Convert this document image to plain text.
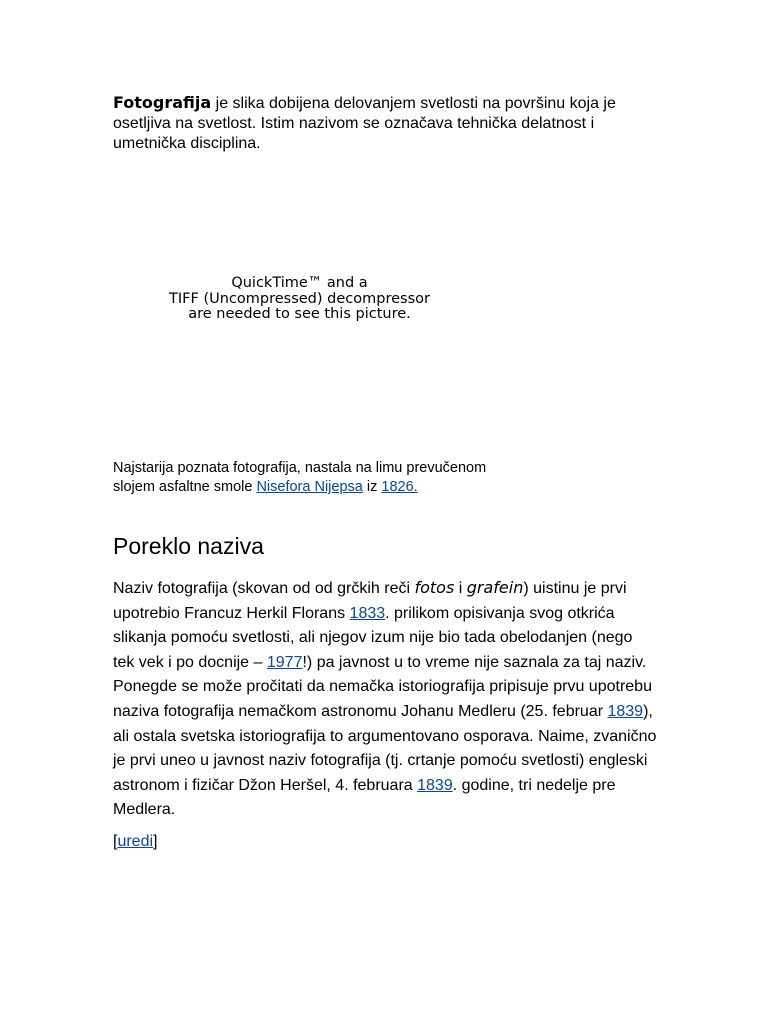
Fotografija je slika dobijena delovanjem svetlosti na površinu koja je osetljiva na svetlost. Istim nazivom se označava tehnička delatnost i umetnička disciplina.

QuickTime™ and a
TIFF (Uncompressed) decompressor
are needed to see this picture.

Najstarija poznata fotografija, nastala na limu prevučenom slojem asfaltne smole Nisefora Nijepsa iz 1826.

Poreklo naziva

Naziv fotografija (skovan od od grčkih reči fotos i grafein) uistinu je prvi upotrebio Francuz Herkil Florans 1833. prilikom opisivanja svog otkrića slikanja pomoću svetlosti, ali njegov izum nije bio tada obelodanjen (nego tek vek i po docnije – 1977!) pa javnost u to vreme nije saznala za taj naziv. Ponegde se može pročitati da nemačka istoriografija pripisuje prvu upotrebu naziva fotografija nemačkom astronomu Johanu Medleru (25. februar 1839), ali ostala svetska istoriografija to argumentovano osporava. Naime, zvanično je prvi uneo u javnost naziv fotografija (tj. crtanje pomoću svetlosti) engleski astronom i fizičar Džon Heršel, 4. februara 1839. godine, tri nedelje pre Medlera.

[uredi]
